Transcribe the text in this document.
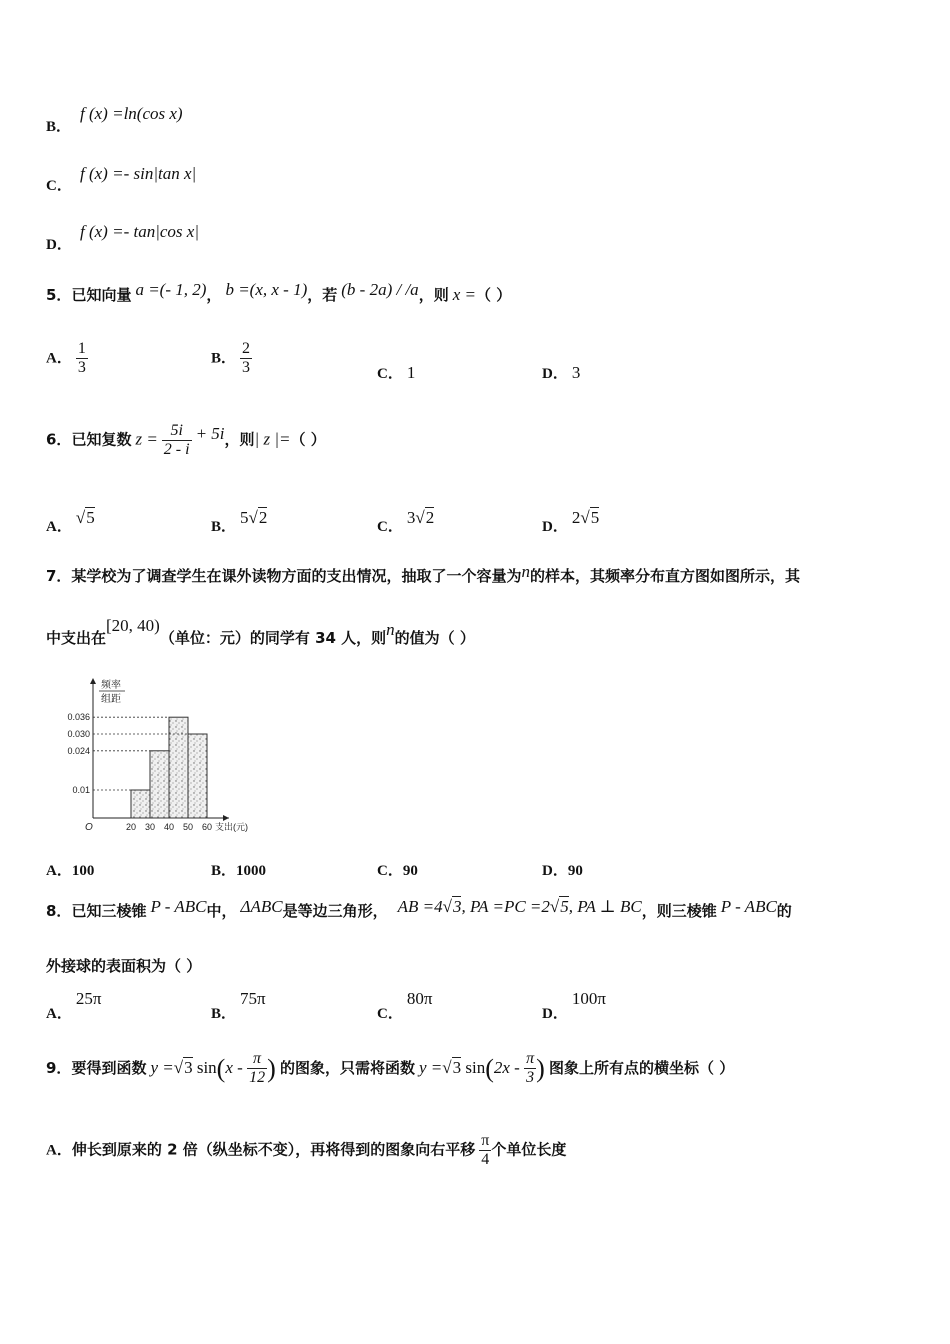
B．
f (x) =ln(cos x)
C．
f (x) =- sin|tan x|
D．
f (x) =- tan|cos x|
5．已知向量 a =(- 1, 2)， b =(x, x - 1)，若 (b - 2a) / /a，则 x =（ ）
A． $\frac{1}{3}$	B． $\frac{2}{3}$	C． 1	D． 3
6．已知复数 $z = \frac{5i}{2 - i} + 5i$，则| z |=（ ）
A． √5	B． 5√2	C． 3√2	D． 2√5
7．某学校为了调查学生在课外读物方面的支出情况，抽取了一个容量为n的样本，其频率分布直方图如图所示，其
中支出在[20, 40)（单位：元）的同学有 34 人，则n的值为（ ）
频率
组距
0.036
0.030
0.024
0.01
O	20 30 40 50 60 支出(元)
A．100	B．1000	C．90	D．90
8．已知三棱锥 P - ABC中， ΔABC是等边三角形， AB =4√3, PA =PC =2√5, PA ⊥ BC，则三棱锥 P - ABC的
外接球的表面积为（ ）
A． 25π
B． 75π
C． 80π
D． 100π
9．要得到函数 y =√3 $\sin(x - \frac{\pi}{12}$ ) 的图象，只需将函数 y =√3 $\sin(2x - \frac{\pi}{3}$ ) 图象上所有点的横坐标（ ）
A．伸长到原来的 2 倍（纵坐标不变），再将得到的图象向右平移 $\frac{\pi}{4}$ 个单位长度
